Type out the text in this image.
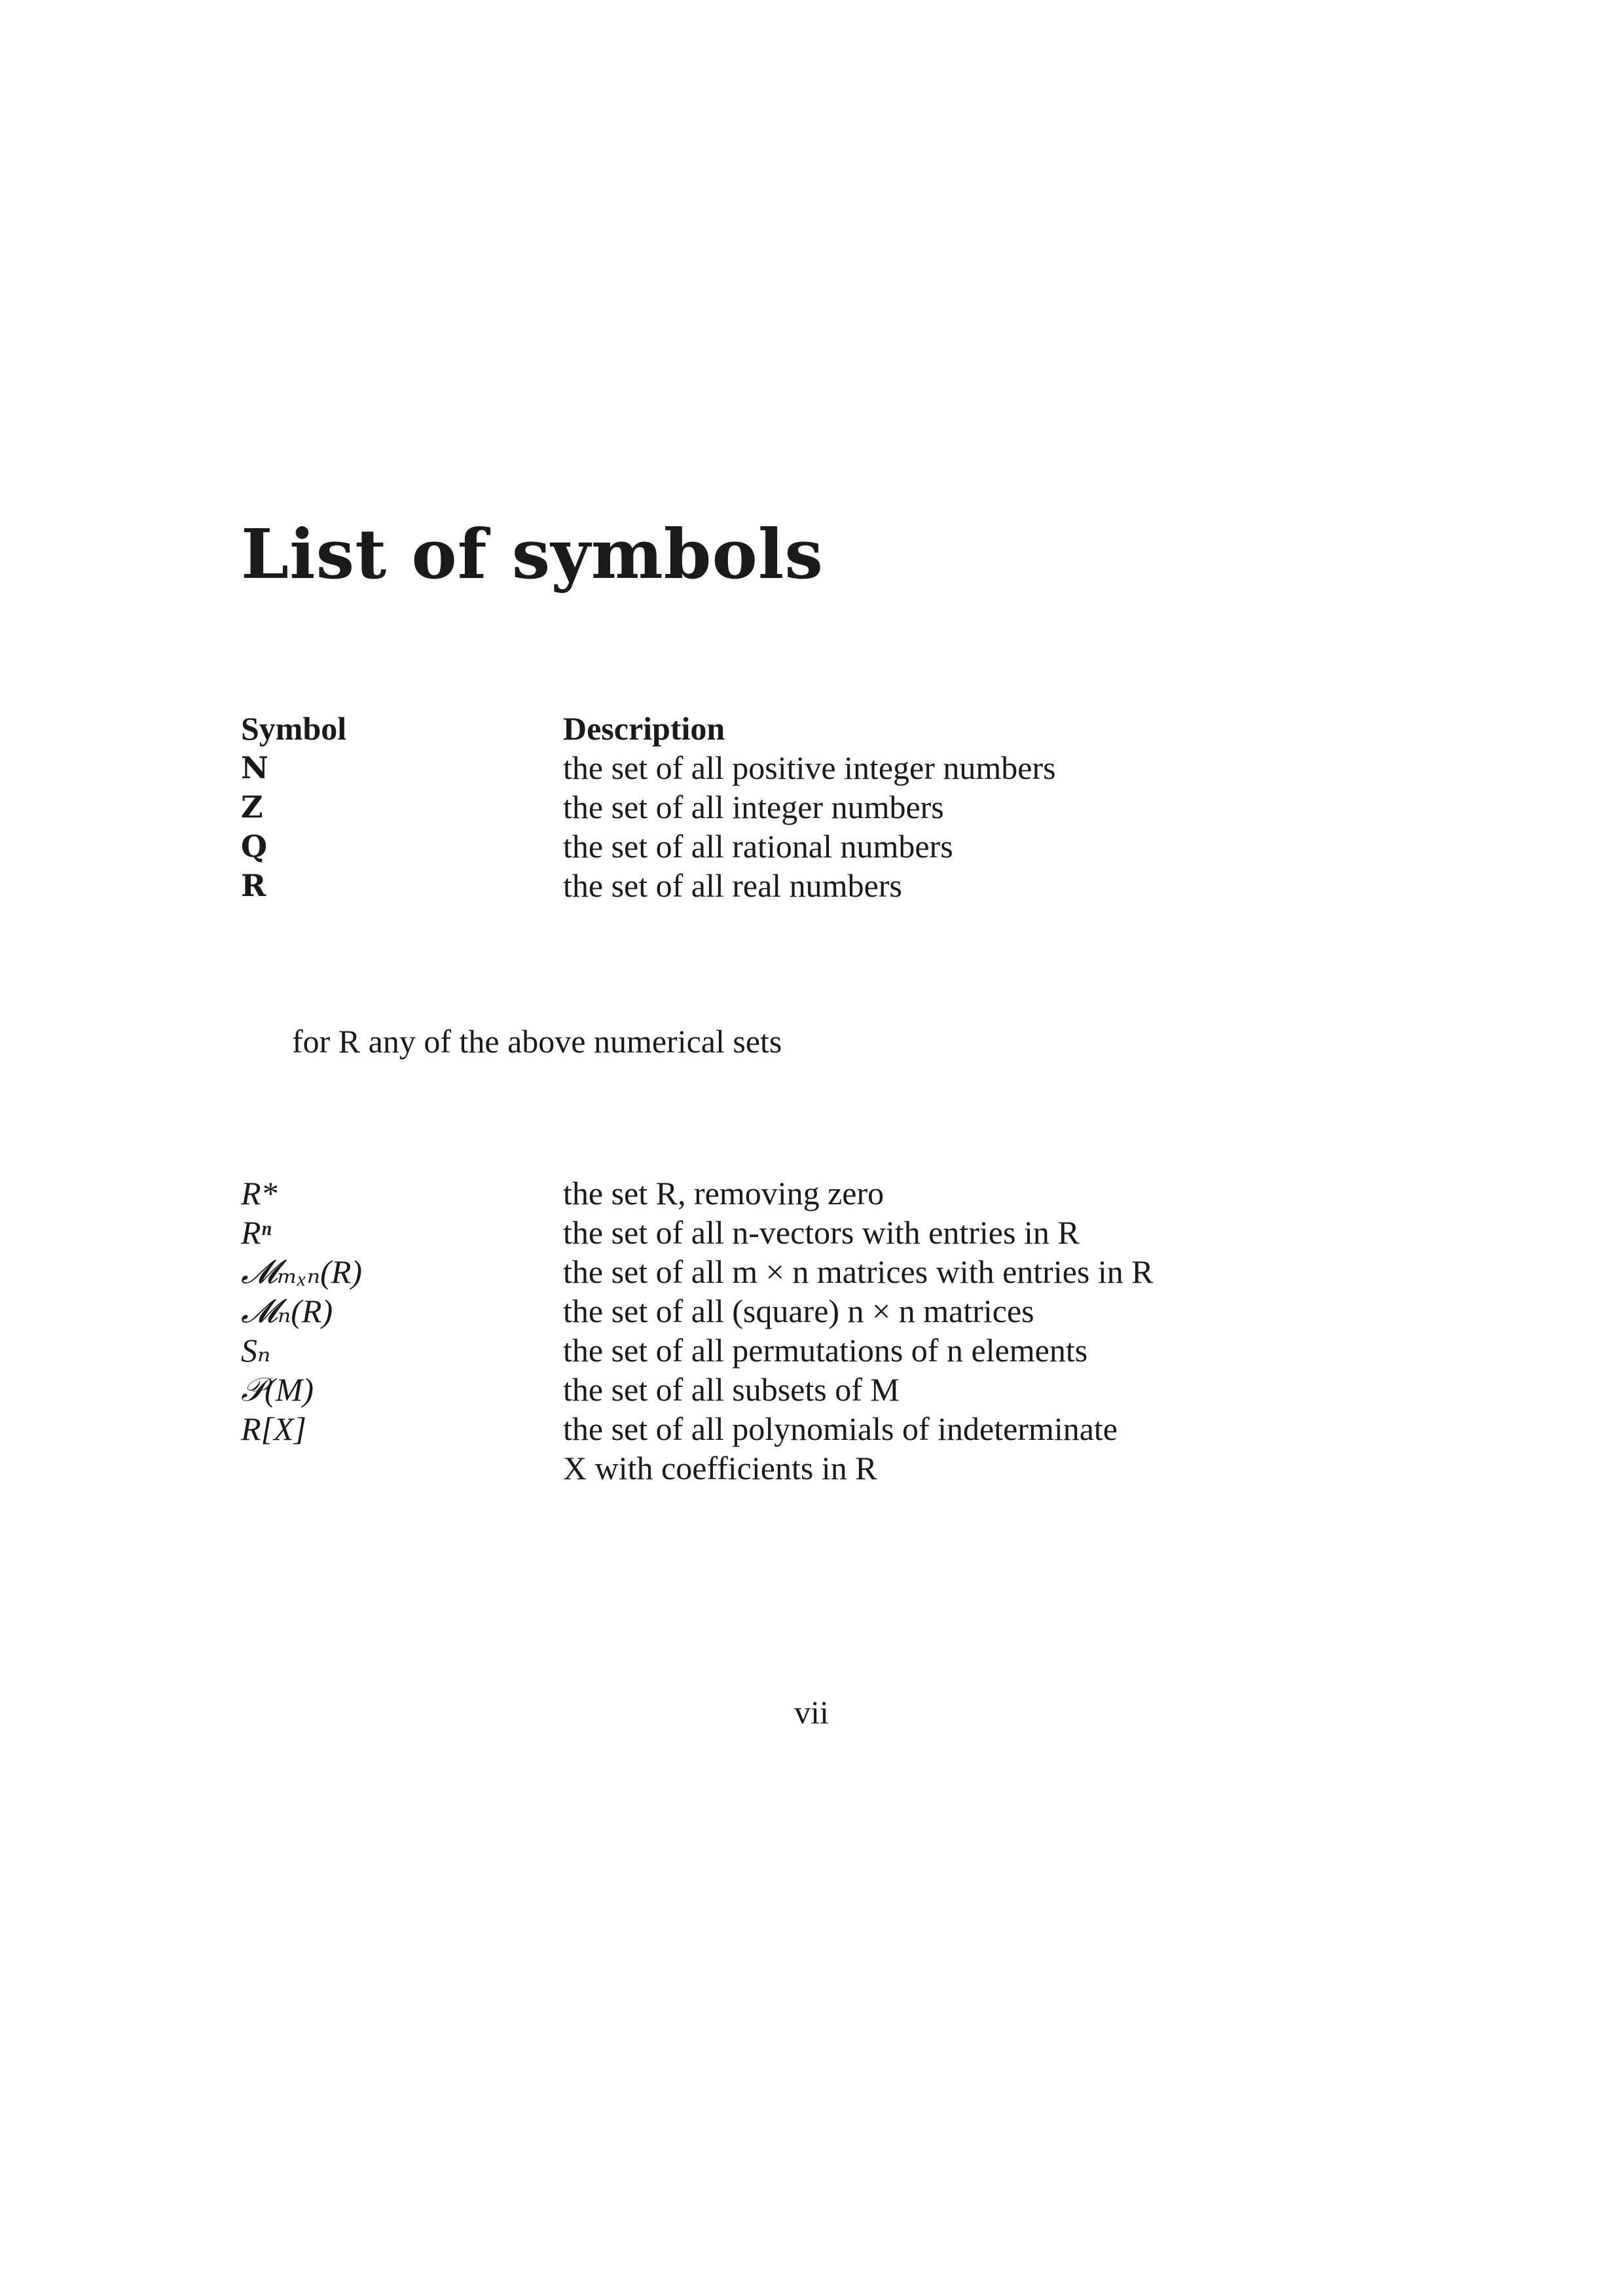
List of symbols
Symbol	Description
N	the set of all positive integer numbers
Z	the set of all integer numbers
Q	the set of all rational numbers
R	the set of all real numbers
for R any of the above numerical sets
R*	the set R, removing zero
Rⁿ	the set of all n-vectors with entries in R
𝓜ₘₓₙ(R)	the set of all m × n matrices with entries in R
𝓜ₙ(R)	the set of all (square) n × n matrices
Sₙ	the set of all permutations of n elements
𝒫(M)	the set of all subsets of M
R[X]	the set of all polynomials of indeterminate
X with coefficients in R
vii
